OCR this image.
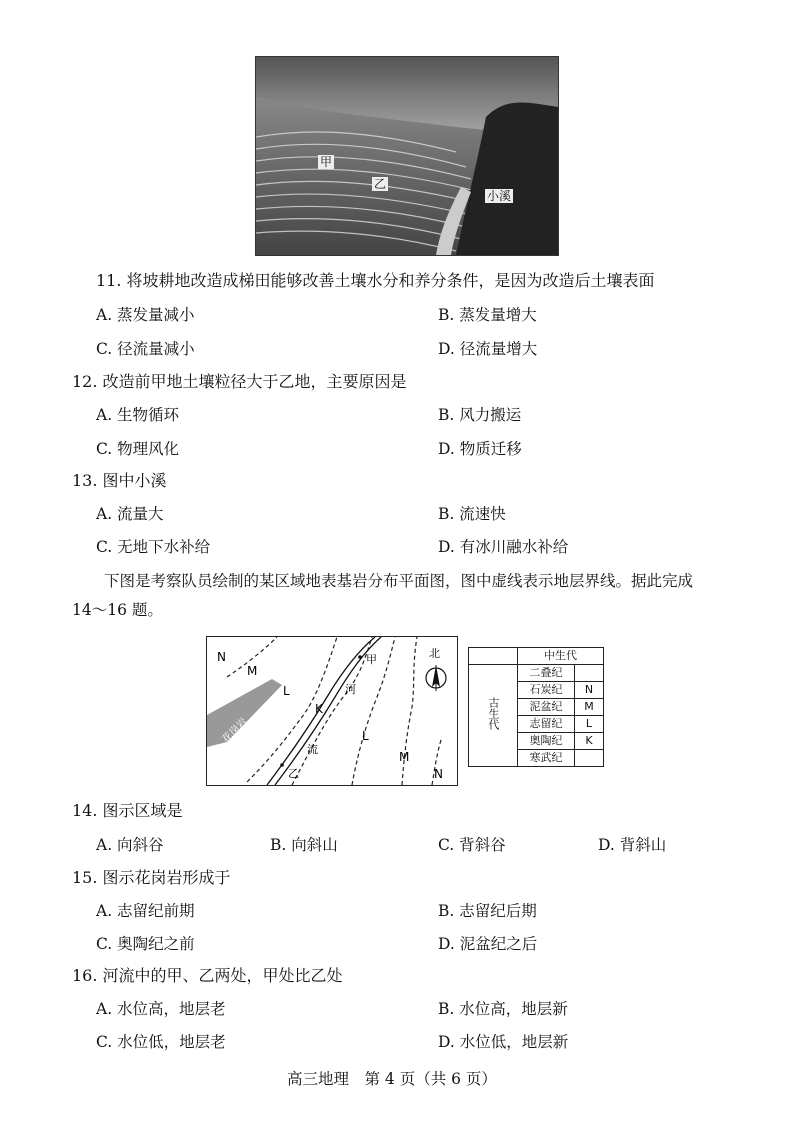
甲
乙
小溪
11. 将坡耕地改造成梯田能够改善土壤水分和养分条件，是因为改造后土壤表面
A. 蒸发量减小	B. 蒸发量增大
C. 径流量减小	D. 径流量增大
12. 改造前甲地土壤粒径大于乙地，主要原因是
A. 生物循环	B. 风力搬运
C. 物理风化	D. 物质迁移
13. 图中小溪
A. 流量大	B. 流速快
C. 无地下水补给	D. 有冰川融水补给
下图是考察队员绘制的某区域地表基岩分布平面图，图中虚线表示地层界线。据此完成
14～16 题。
北
N
M
L
K
河
流
甲
乙
L
M
N
花岗岩
	中生代	
古生代	二叠纪	
	石炭纪	N
	泥盆纪	M
	志留纪	L
	奥陶纪	K
	寒武纪	
14. 图示区域是
A. 向斜谷	B. 向斜山	C. 背斜谷	D. 背斜山
15. 图示花岗岩形成于
A. 志留纪前期	B. 志留纪后期
C. 奥陶纪之前	D. 泥盆纪之后
16. 河流中的甲、乙两处，甲处比乙处
A. 水位高，地层老	B. 水位高，地层新
C. 水位低，地层老	D. 水位低，地层新
高三地理　第 4 页（共 6 页）
